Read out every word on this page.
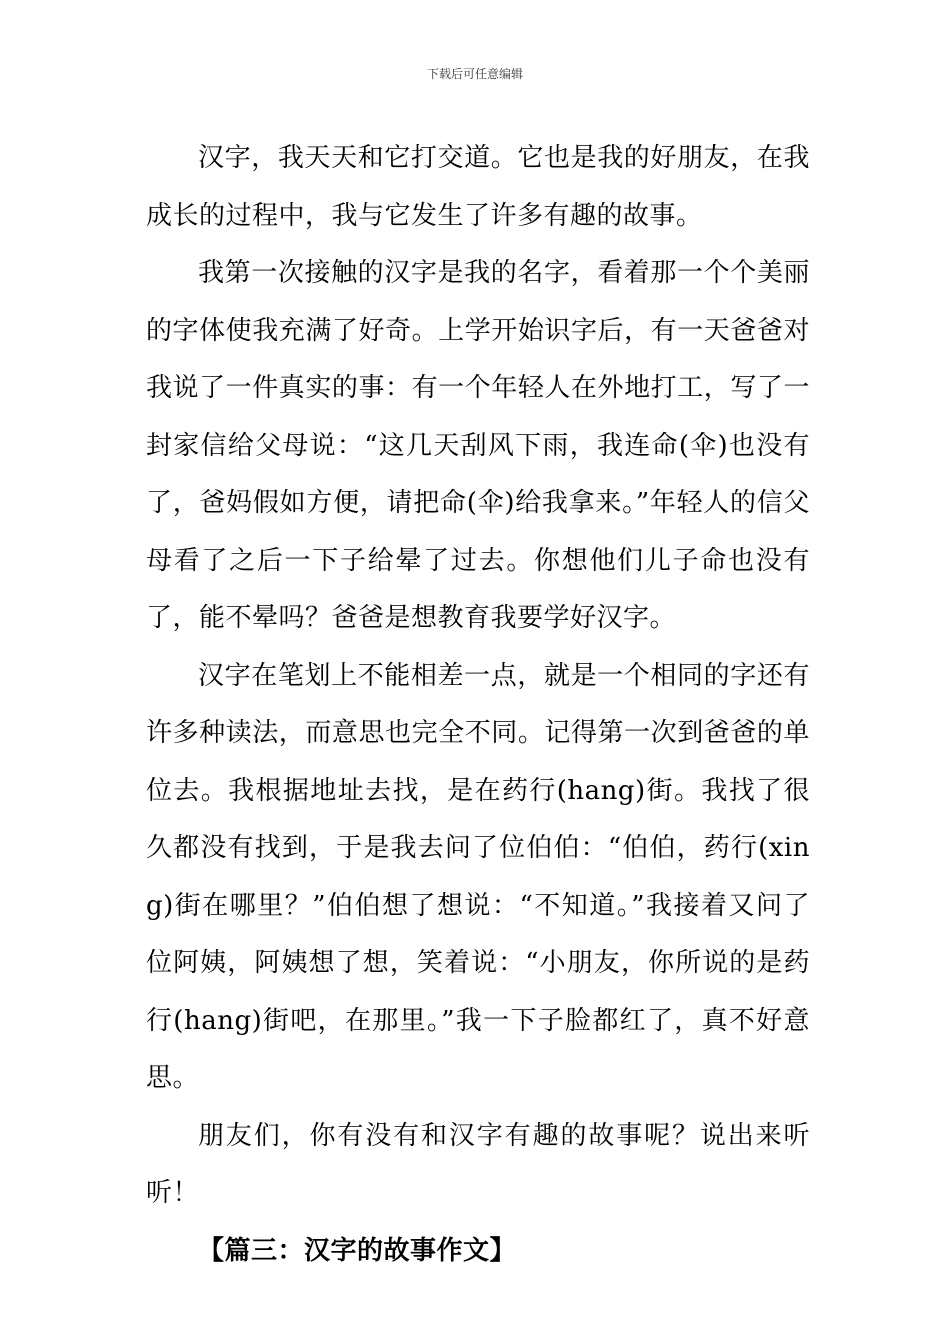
下载后可任意编辑

汉字，我天天和它打交道。它也是我的好朋友，在我成长的过程中，我与它发生了许多有趣的故事。

我第一次接触的汉字是我的名字，看着那一个个美丽的字体使我充满了好奇。上学开始识字后，有一天爸爸对我说了一件真实的事：有一个年轻人在外地打工，写了一封家信给父母说：“这几天刮风下雨，我连命(伞)也没有了，爸妈假如方便，请把命(伞)给我拿来。”年轻人的信父母看了之后一下子给晕了过去。你想他们儿子命也没有了，能不晕吗？爸爸是想教育我要学好汉字。

汉字在笔划上不能相差一点，就是一个相同的字还有许多种读法，而意思也完全不同。记得第一次到爸爸的单位去。我根据地址去找，是在药行(hang)街。我找了很久都没有找到，于是我去问了位伯伯：“伯伯，药行(xing)街在哪里？”伯伯想了想说：“不知道。”我接着又问了位阿姨，阿姨想了想，笑着说：“小朋友，你所说的是药行(hang)街吧，在那里。”我一下子脸都红了，真不好意思。

朋友们，你有没有和汉字有趣的故事呢？说出来听听！

【篇三：汉字的故事作文】
